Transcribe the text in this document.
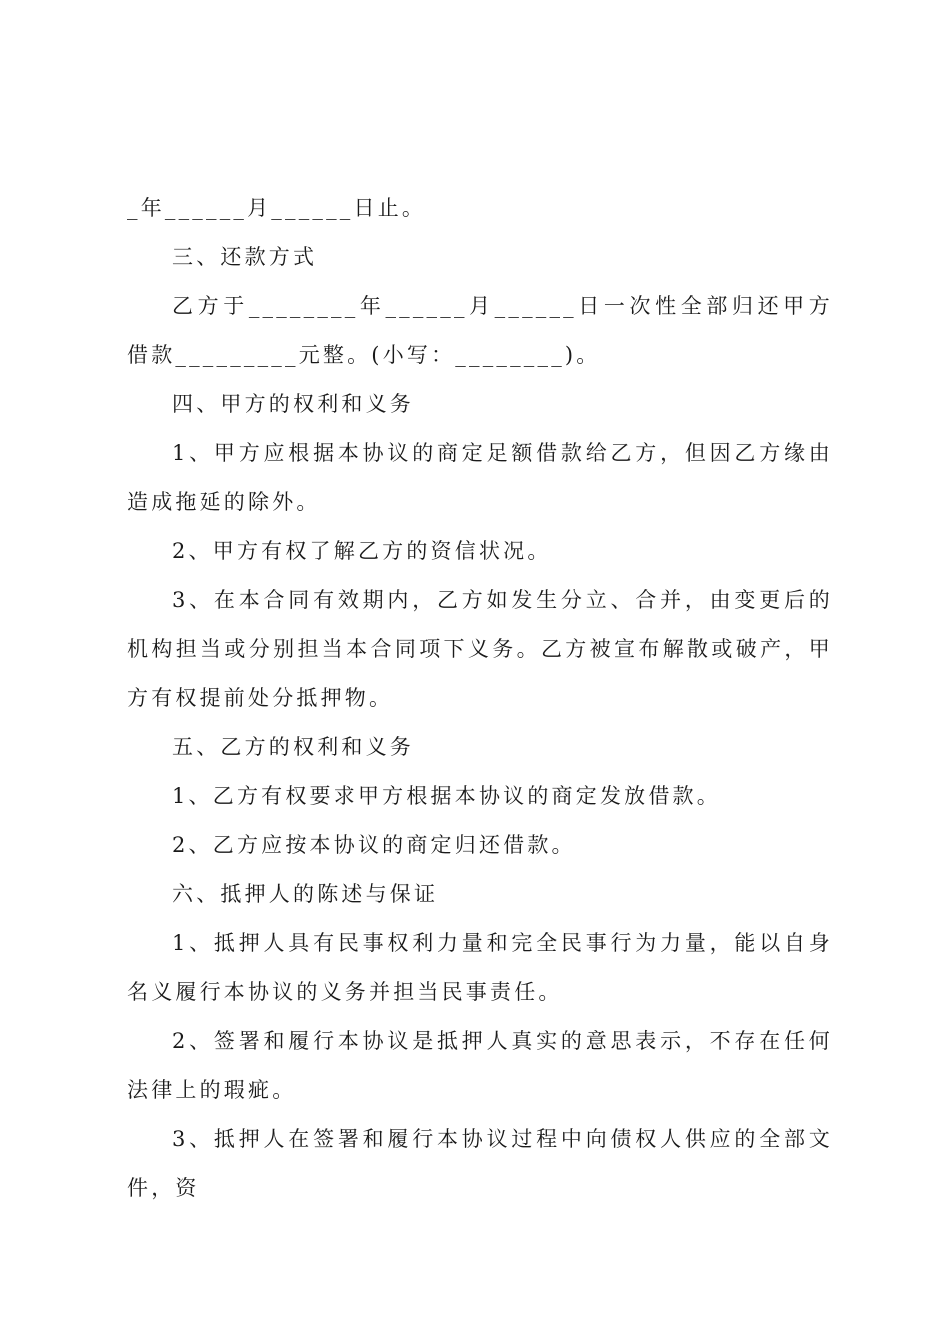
_年______月______日止。

三、还款方式

乙方于________年______月______日一次性全部归还甲方借款_________元整。(小写：________)。

四、甲方的权利和义务

1、甲方应根据本协议的商定足额借款给乙方，但因乙方缘由造成拖延的除外。

2、甲方有权了解乙方的资信状况。

3、在本合同有效期内，乙方如发生分立、合并，由变更后的机构担当或分别担当本合同项下义务。乙方被宣布解散或破产，甲方有权提前处分抵押物。

五、乙方的权利和义务

1、乙方有权要求甲方根据本协议的商定发放借款。

2、乙方应按本协议的商定归还借款。

六、抵押人的陈述与保证

1、抵押人具有民事权利力量和完全民事行为力量，能以自身名义履行本协议的义务并担当民事责任。

2、签署和履行本协议是抵押人真实的意思表示，不存在任何法律上的瑕疵。

3、抵押人在签署和履行本协议过程中向债权人供应的全部文件，资
